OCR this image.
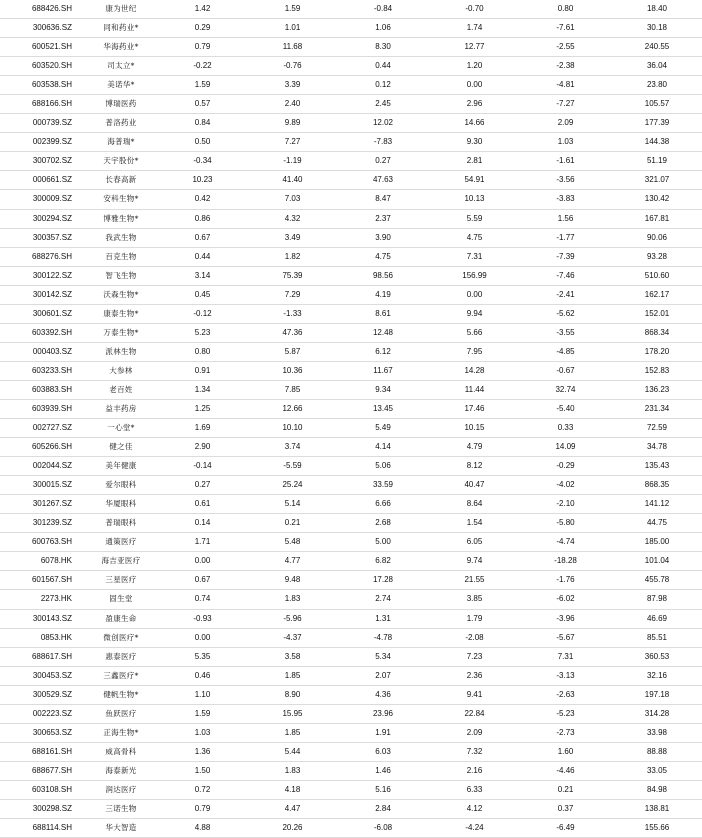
688426.SH	康为世纪	1.42	1.59	-0.84	-0.70	0.80	18.40
300636.SZ	同和药业*	0.29	1.01	1.06	1.74	-7.61	30.18
600521.SH	华海药业*	0.79	11.68	8.30	12.77	-2.55	240.55
603520.SH	司太立*	-0.22	-0.76	0.44	1.20	-2.38	36.04
603538.SH	美诺华*	1.59	3.39	0.12	0.00	-4.81	23.80
688166.SH	博瑞医药	0.57	2.40	2.45	2.96	-7.27	105.57
000739.SZ	普洛药业	0.84	9.89	12.02	14.66	2.09	177.39
002399.SZ	海普瑞*	0.50	7.27	-7.83	9.30	1.03	144.38
300702.SZ	天宇股份*	-0.34	-1.19	0.27	2.81	-1.61	51.19
000661.SZ	长春高新	10.23	41.40	47.63	54.91	-3.56	321.07
300009.SZ	安科生物*	0.42	7.03	8.47	10.13	-3.83	130.42
300294.SZ	博雅生物*	0.86	4.32	2.37	5.59	1.56	167.81
300357.SZ	我武生物	0.67	3.49	3.90	4.75	-1.77	90.06
688276.SH	百克生物	0.44	1.82	4.75	7.31	-7.39	93.28
300122.SZ	智飞生物	3.14	75.39	98.56	156.99	-7.46	510.60
300142.SZ	沃森生物*	0.45	7.29	4.19	0.00	-2.41	162.17
300601.SZ	康泰生物*	-0.12	-1.33	8.61	9.94	-5.62	152.01
603392.SH	万泰生物*	5.23	47.36	12.48	5.66	-3.55	868.34
000403.SZ	派林生物	0.80	5.87	6.12	7.95	-4.85	178.20
603233.SH	大参林	0.91	10.36	11.67	14.28	-0.67	152.83
603883.SH	老百姓	1.34	7.85	9.34	11.44	32.74	136.23
603939.SH	益丰药房	1.25	12.66	13.45	17.46	-5.40	231.34
002727.SZ	一心堂*	1.69	10.10	5.49	10.15	0.33	72.59
605266.SH	健之佳	2.90	3.74	4.14	4.79	14.09	34.78
002044.SZ	美年健康	-0.14	-5.59	5.06	8.12	-0.29	135.43
300015.SZ	爱尔眼科	0.27	25.24	33.59	40.47	-4.02	868.35
301267.SZ	华厦眼科	0.61	5.14	6.66	8.64	-2.10	141.12
301239.SZ	普瑞眼科	0.14	0.21	2.68	1.54	-5.80	44.75
600763.SH	通策医疗	1.71	5.48	5.00	6.05	-4.74	185.00
6078.HK	海吉亚医疗	0.00	4.77	6.82	9.74	-18.28	101.04
601567.SH	三星医疗	0.67	9.48	17.28	21.55	-1.76	455.78
2273.HK	固生堂	0.74	1.83	2.74	3.85	-6.02	87.98
300143.SZ	盈康生命	-0.93	-5.96	1.31	1.79	-3.96	46.69
0853.HK	微创医疗*	0.00	-4.37	-4.78	-2.08	-5.67	85.51
688617.SH	惠泰医疗	5.35	3.58	5.34	7.23	7.31	360.53
300453.SZ	三鑫医疗*	0.46	1.85	2.07	2.36	-3.13	32.16
300529.SZ	健帆生物*	1.10	8.90	4.36	9.41	-2.63	197.18
002223.SZ	鱼跃医疗	1.59	15.95	23.96	22.84	-5.23	314.28
300653.SZ	正海生物*	1.03	1.85	1.91	2.09	-2.73	33.98
688161.SH	威高骨科	1.36	5.44	6.03	7.32	1.60	88.88
688677.SH	海泰新光	1.50	1.83	1.46	2.16	-4.46	33.05
603108.SH	润达医疗	0.72	4.18	5.16	6.33	0.21	84.98
300298.SZ	三诺生物	0.79	4.47	2.84	4.12	0.37	138.81
688114.SH	华大智造	4.88	20.26	-6.08	-4.24	-6.49	155.66
